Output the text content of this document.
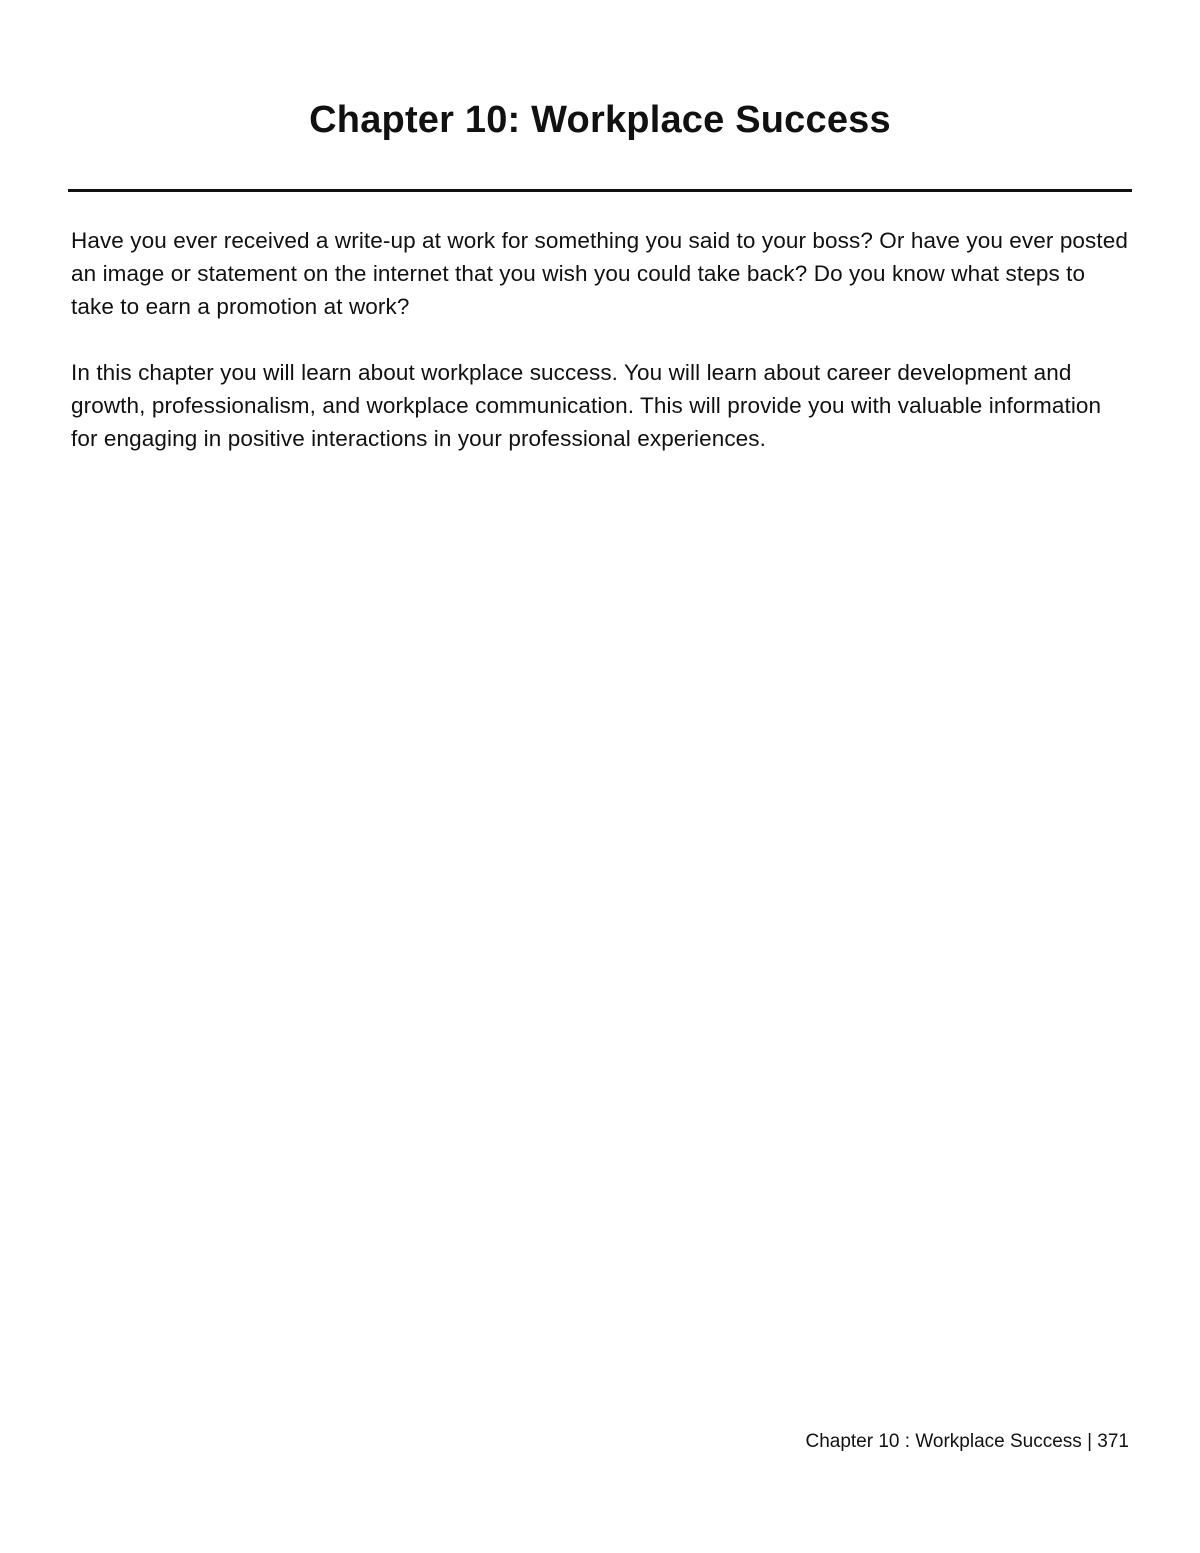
Chapter 10: Workplace Success

Have you ever received a write-up at work for something you said to your boss? Or have you ever posted an image or statement on the internet that you wish you could take back? Do you know what steps to take to earn a promotion at work?

In this chapter you will learn about workplace success. You will learn about career development and growth, professionalism, and workplace communication. This will provide you with valuable information for engaging in positive interactions in your professional experiences.

Chapter 10 : Workplace Success | 371
